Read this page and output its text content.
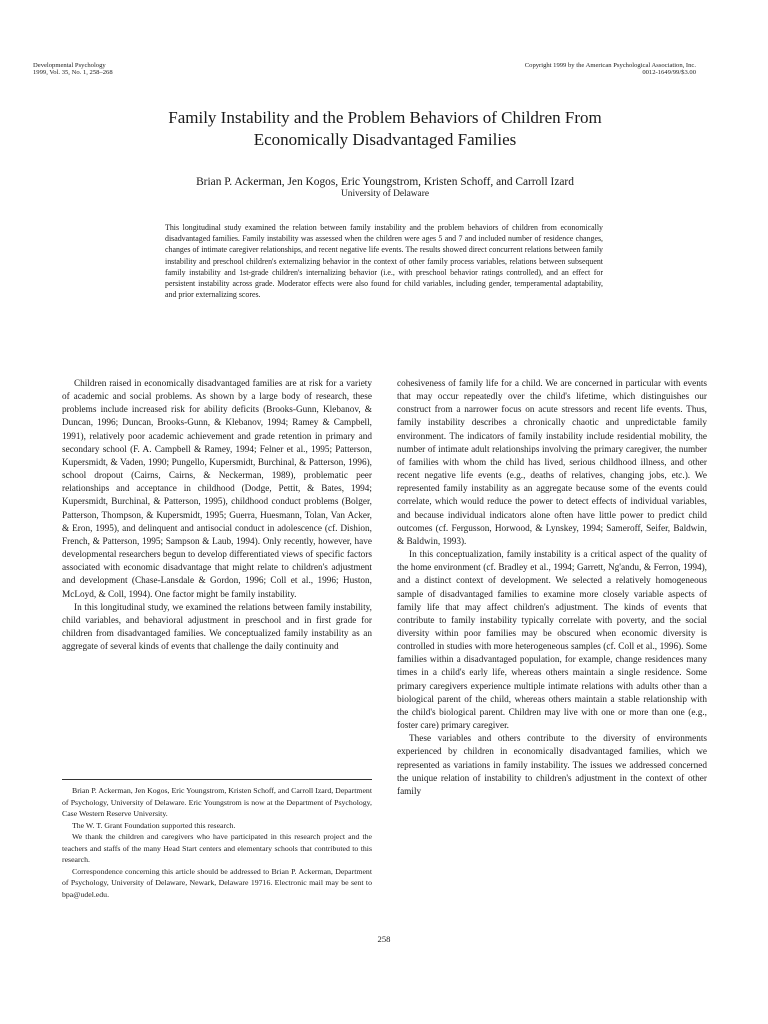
Developmental Psychology
1999, Vol. 35, No. 1, 258–268
Copyright 1999 by the American Psychological Association, Inc.
0012-1649/99/$3.00
Family Instability and the Problem Behaviors of Children From
Economically Disadvantaged Families
Brian P. Ackerman, Jen Kogos, Eric Youngstrom, Kristen Schoff, and Carroll Izard
University of Delaware
This longitudinal study examined the relation between family instability and the problem behaviors of children from economically disadvantaged families. Family instability was assessed when the children were ages 5 and 7 and included number of residence changes, changes of intimate caregiver relationships, and recent negative life events. The results showed direct concurrent relations between family instability and preschool children's externalizing behavior in the context of other family process variables, relations between subsequent family instability and 1st-grade children's internalizing behavior (i.e., with preschool behavior ratings controlled), and an effect for persistent instability across grade. Moderator effects were also found for child variables, including gender, temperamental adaptability, and prior externalizing scores.

Children raised in economically disadvantaged families are at risk for a variety of academic and social problems. As shown by a large body of research, these problems include increased risk for ability deficits (Brooks-Gunn, Klebanov, & Duncan, 1996; Duncan, Brooks-Gunn, & Klebanov, 1994; Ramey & Campbell, 1991), relatively poor academic achievement and grade retention in primary and secondary school (F. A. Campbell & Ramey, 1994; Felner et al., 1995; Patterson, Kupersmidt, & Vaden, 1990; Pungello, Kupersmidt, Burchinal, & Patterson, 1996), school dropout (Cairns, Cairns, & Neckerman, 1989), problematic peer relationships and acceptance in childhood (Dodge, Pettit, & Bates, 1994; Kupersmidt, Burchinal, & Patterson, 1995), childhood conduct problems (Bolger, Patterson, Thompson, & Kupersmidt, 1995; Guerra, Huesmann, Tolan, Van Acker, & Eron, 1995), and delinquent and antisocial conduct in adolescence (cf. Dishion, French, & Patterson, 1995; Sampson & Laub, 1994). Only recently, however, have developmental researchers begun to develop differentiated views of specific factors associated with economic disadvantage that might relate to children's adjustment and development (Chase-Lansdale & Gordon, 1996; Coll et al., 1996; Huston, McLoyd, & Coll, 1994). One factor might be family instability.

In this longitudinal study, we examined the relations between family instability, child variables, and behavioral adjustment in preschool and in first grade for children from disadvantaged families. We conceptualized family instability as an aggregate of several kinds of events that challenge the daily continuity and

cohesiveness of family life for a child. We are concerned in particular with events that may occur repeatedly over the child's lifetime, which distinguishes our construct from a narrower focus on acute stressors and recent life events. Thus, family instability describes a chronically chaotic and unpredictable family environment. The indicators of family instability include residential mobility, the number of intimate adult relationships involving the primary caregiver, the number of families with whom the child has lived, serious childhood illness, and other recent negative life events (e.g., deaths of relatives, changing jobs, etc.). We represented family instability as an aggregate because some of the events could correlate, which would reduce the power to detect effects of individual variables, and because individual indicators alone often have little power to predict child outcomes (cf. Fergusson, Horwood, & Lynskey, 1994; Sameroff, Seifer, Baldwin, & Baldwin, 1993).

In this conceptualization, family instability is a critical aspect of the quality of the home environment (cf. Bradley et al., 1994; Garrett, Ng'andu, & Ferron, 1994), and a distinct context of development. We selected a relatively homogeneous sample of disadvantaged families to examine more closely variable aspects of family life that may affect children's adjustment. The kinds of events that contribute to family instability typically correlate with poverty, and the social diversity within poor families may be obscured when economic diversity is controlled in studies with more heterogeneous samples (cf. Coll et al., 1996). Some families within a disadvantaged population, for example, change residences many times in a child's early life, whereas others maintain a single residence. Some primary caregivers experience multiple intimate relations with adults other than a biological parent of the child, whereas others maintain a stable relationship with the child's biological parent. Children may live with one or more than one (e.g., foster care) primary caregiver.

These variables and others contribute to the diversity of environments experienced by children in economically disadvantaged families, which we represented as variations in family instability. The issues we addressed concerned the unique relation of instability to children's adjustment in the context of other family

Brian P. Ackerman, Jen Kogos, Eric Youngstrom, Kristen Schoff, and Carroll Izard, Department of Psychology, University of Delaware. Eric Youngstrom is now at the Department of Psychology, Case Western Reserve University.

The W. T. Grant Foundation supported this research.

We thank the children and caregivers who have participated in this research project and the teachers and staffs of the many Head Start centers and elementary schools that contributed to this research.

Correspondence concerning this article should be addressed to Brian P. Ackerman, Department of Psychology, University of Delaware, Newark, Delaware 19716. Electronic mail may be sent to bpa@udel.edu.

258
